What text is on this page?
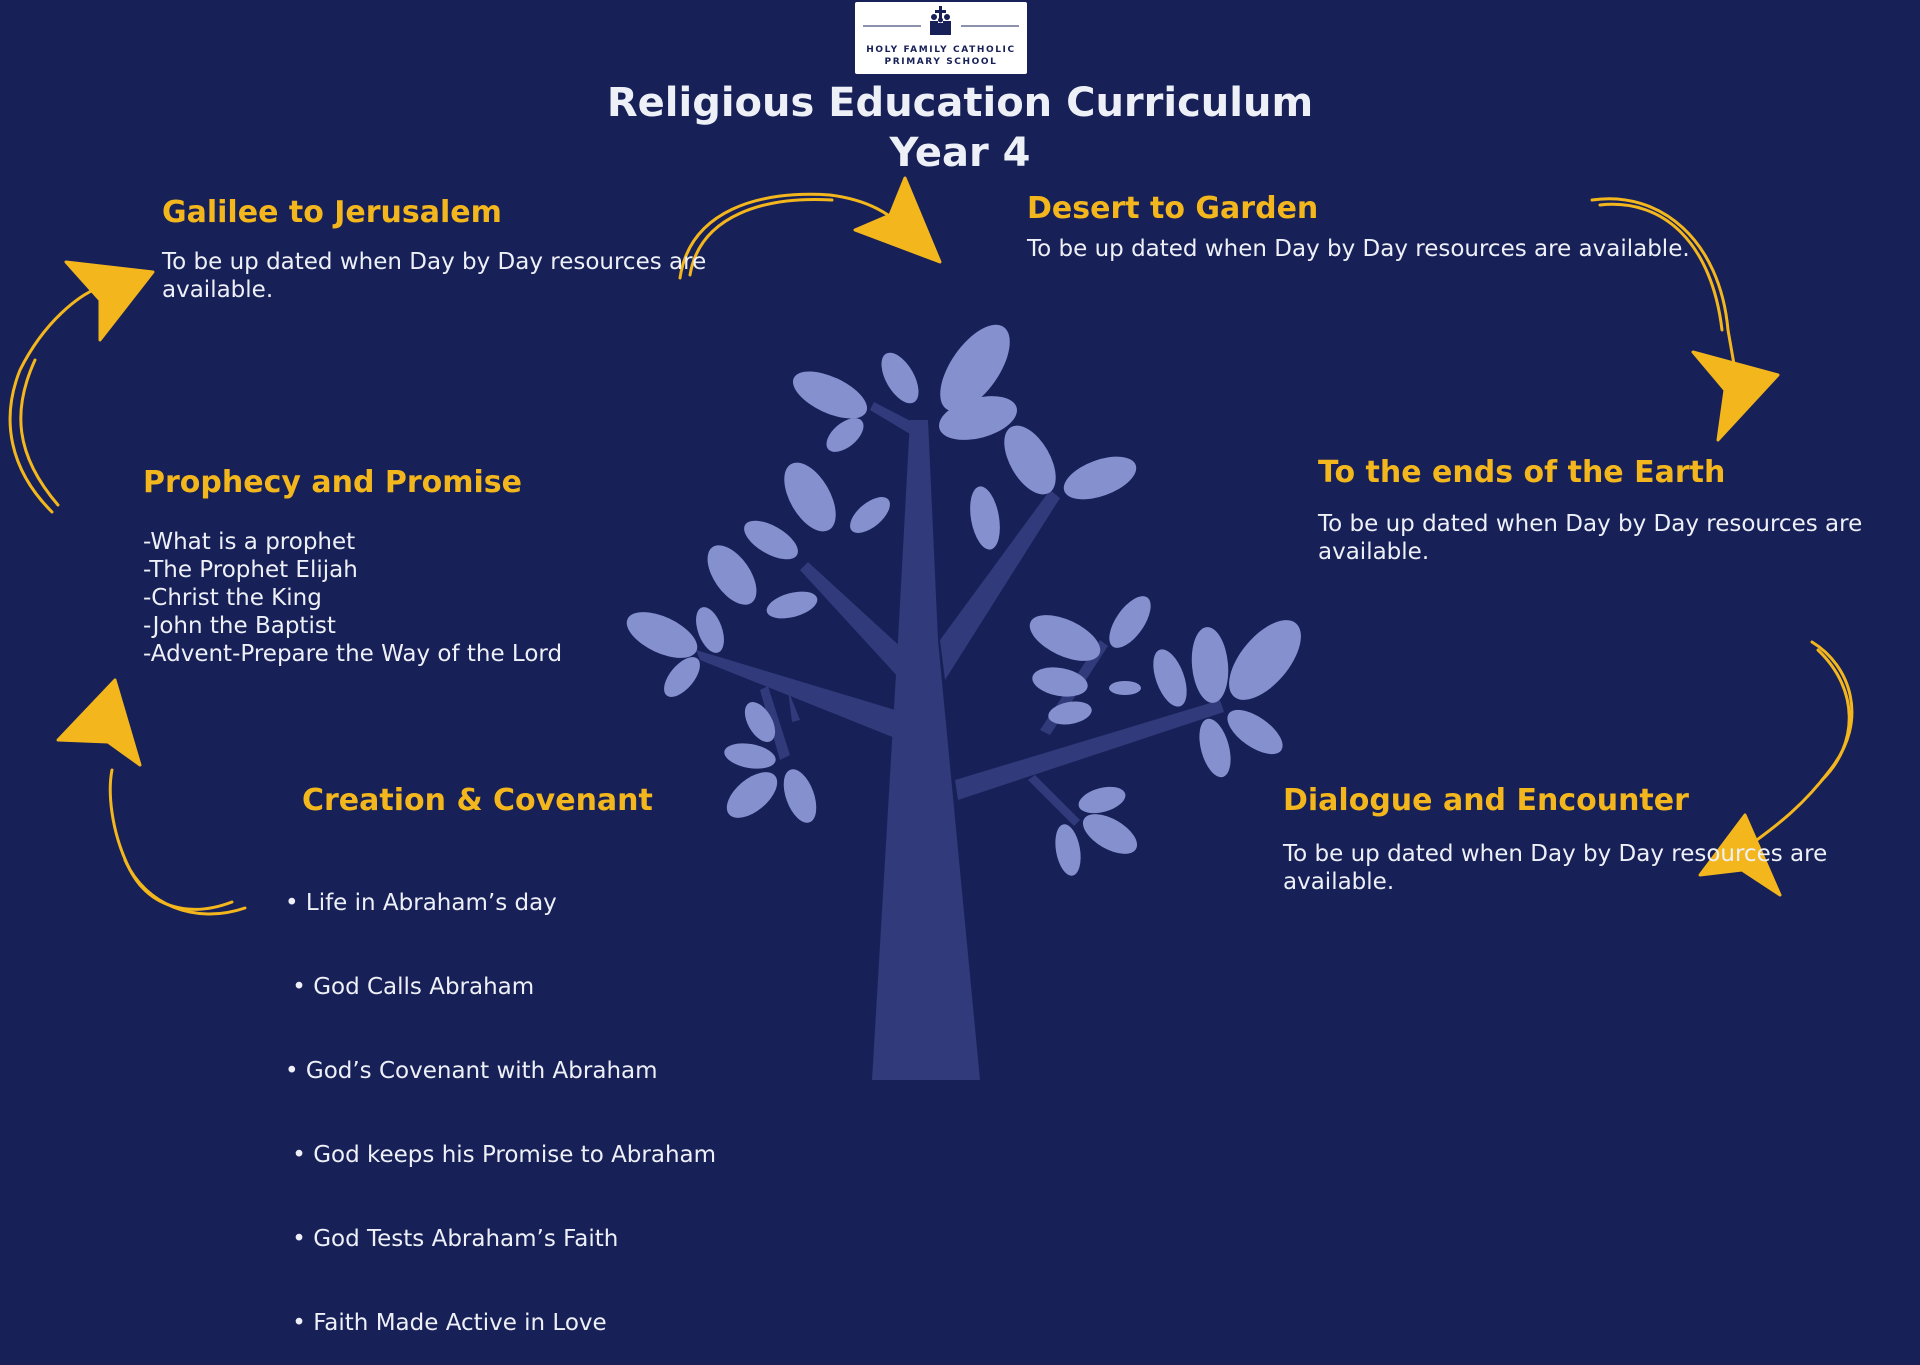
HOLY FAMILY CATHOLIC
PRIMARY SCHOOL
Religious Education Curriculum
Year 4
Galilee to Jerusalem
To be up dated when Day by Day resources are
available.
Desert to Garden
To be up dated when Day by Day resources are available.
Prophecy and Promise
-What is a prophet
-The Prophet Elijah
-Christ the King
-John the Baptist
-Advent-Prepare the Way of the Lord
To the ends of the Earth
To be up dated when Day by Day resources are
available.
Creation & Covenant

• Life in Abraham’s day

• God Calls Abraham

• God’s Covenant with Abraham

• God keeps his Promise to Abraham

• God Tests Abraham’s Faith

• Faith Made Active in Love

Dialogue and Encounter
To be up dated when Day by Day resources are
available.
